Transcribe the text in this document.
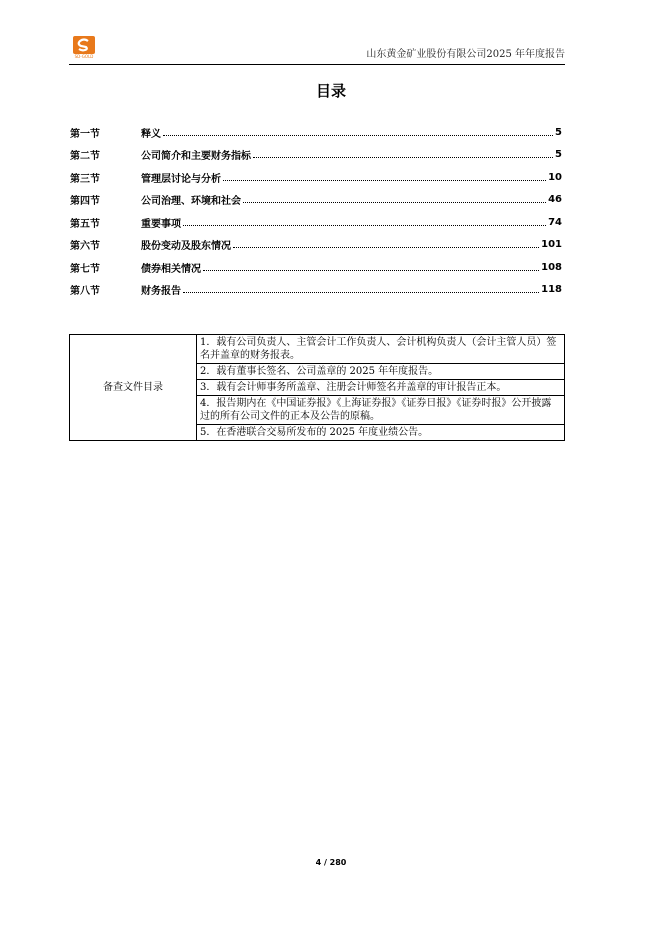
SD-GOLD	山东黄金矿业股份有限公司2025 年年度报告
目录
第一节	释义	5
第二节	公司简介和主要财务指标	5
第三节	管理层讨论与分析	10
第四节	公司治理、环境和社会	46
第五节	重要事项	74
第六节	股份变动及股东情况	101
第七节	债券相关情况	108
第八节	财务报告	118
备查文件目录	1．载有公司负责人、主管会计工作负责人、会计机构负责人（会计主管人员）签名并盖章的财务报表。
2．载有董事长签名、公司盖章的 2025 年年度报告。
3．载有会计师事务所盖章、注册会计师签名并盖章的审计报告正本。
4．报告期内在《中国证券报》《上海证券报》《证券日报》《证券时报》公开披露过的所有公司文件的正本及公告的原稿。
5．在香港联合交易所发布的 2025 年度业绩公告。
4 / 280
